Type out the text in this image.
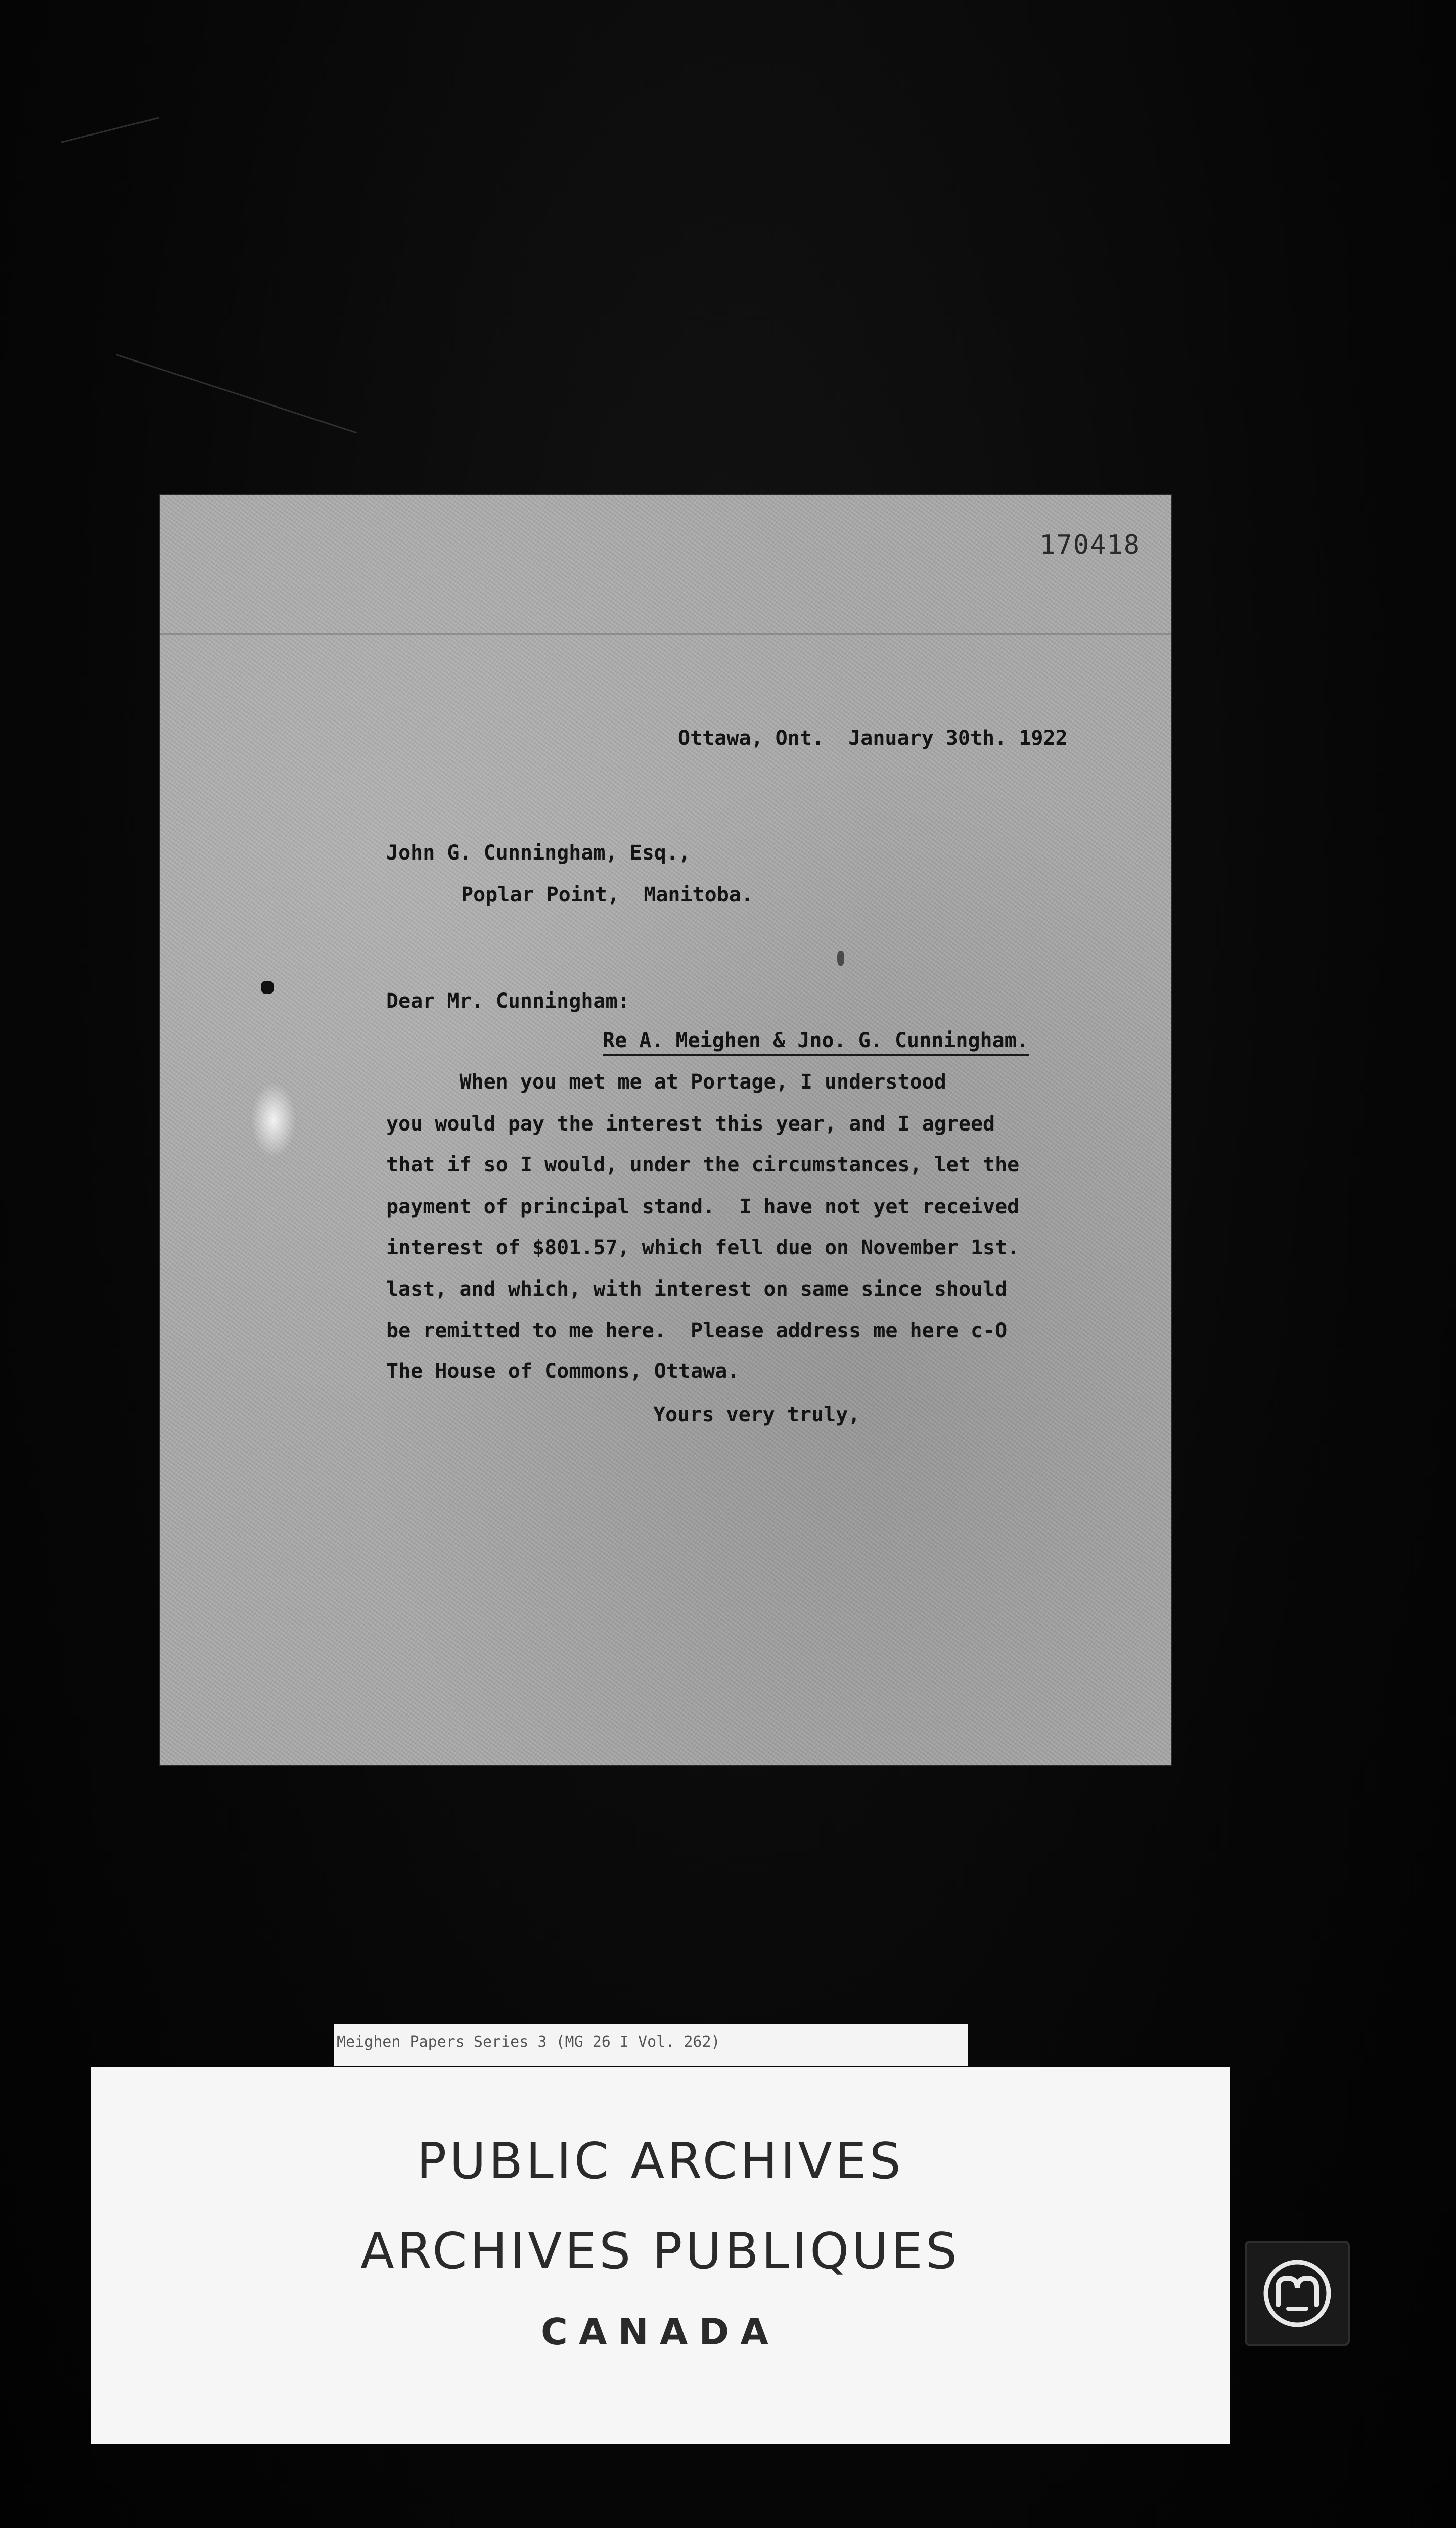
170418
Ottawa, Ont.  January 30th. 1922
John G. Cunningham, Esq.,
Poplar Point,  Manitoba.
Dear Mr. Cunningham:
Re A. Meighen & Jno. G. Cunningham.
When you met me at Portage, I understood
you would pay the interest this year, and I agreed
that if so I would, under the circumstances, let the
payment of principal stand.  I have not yet received
interest of $801.57, which fell due on November 1st.
last, and which, with interest on same since should
be remitted to me here.  Please address me here c-O
The House of Commons, Ottawa.
Yours very truly,
Meighen Papers Series 3 (MG 26 I Vol. 262)
PUBLIC ARCHIVES
ARCHIVES PUBLIQUES
CANADA
